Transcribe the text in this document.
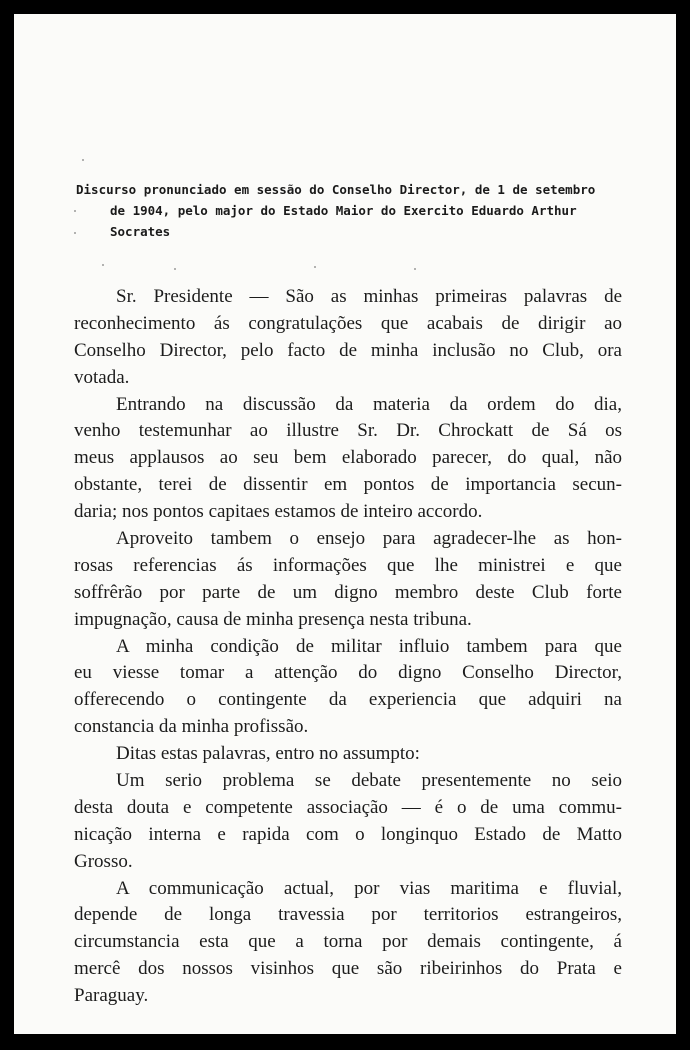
Discurso pronunciado em sessão do Conselho Director, de 1 de setembro
de 1904, pelo major do Estado Maior do Exercito Eduardo Arthur
Socrates
Sr. Presidente — São as minhas primeiras palavras de
reconhecimento ás congratulações que acabais de dirigir ao
Conselho Director, pelo facto de minha inclusão no Club, ora
votada.
Entrando na discussão da materia da ordem do dia,
venho testemunhar ao illustre Sr. Dr. Chrockatt de Sá os
meus applausos ao seu bem elaborado parecer, do qual, não
obstante, terei de dissentir em pontos de importancia secun-
daria; nos pontos capitaes estamos de inteiro accordo.
Aproveito tambem o ensejo para agradecer-lhe as hon-
rosas referencias ás informações que lhe ministrei e que
soffrêrão por parte de um digno membro deste Club forte
impugnação, causa de minha presença nesta tribuna.
A minha condição de militar influio tambem para que
eu viesse tomar a attenção do digno Conselho Director,
offerecendo o contingente da experiencia que adquiri na
constancia da minha profissão.
Ditas estas palavras, entro no assumpto:
Um serio problema se debate presentemente no seio
desta douta e competente associação — é o de uma commu-
nicação interna e rapida com o longinquo Estado de Matto
Grosso.
A communicação actual, por vias maritima e fluvial,
depende de longa travessia por territorios estrangeiros,
circumstancia esta que a torna por demais contingente, á
mercê dos nossos visinhos que são ribeirinhos do Prata e
Paraguay.
